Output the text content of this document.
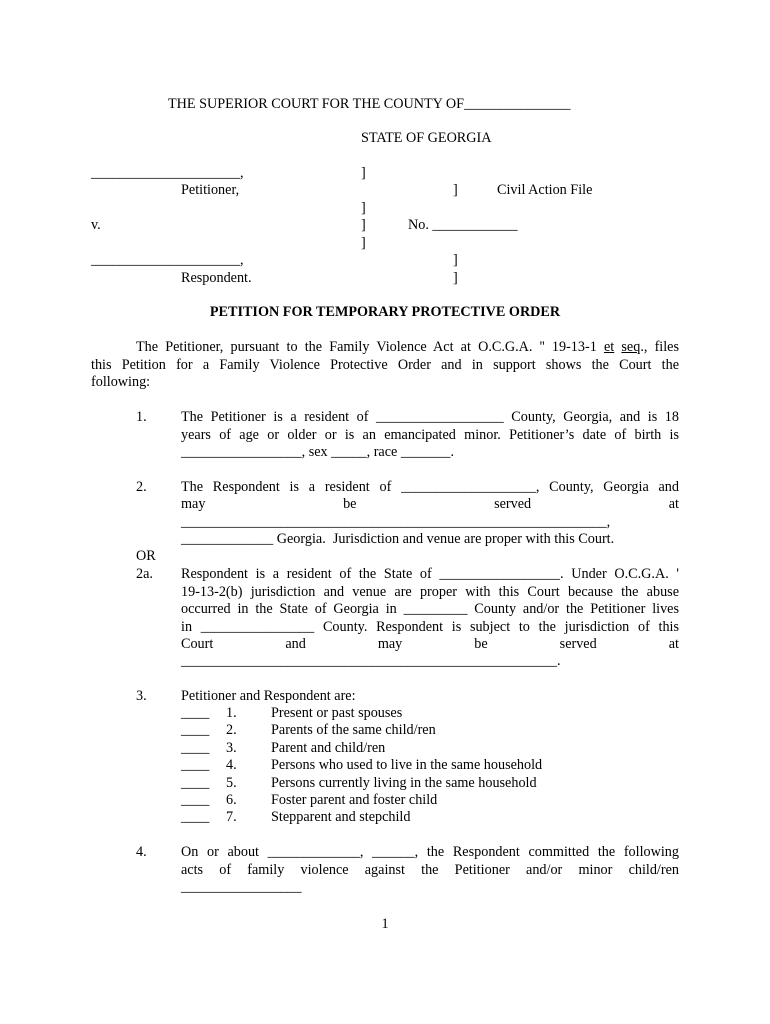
THE SUPERIOR COURT FOR THE COUNTY OF_______________
STATE OF GEORGIA
_____________________,	]
Petitioner,	]	Civil Action File
]
v.	]	No. ____________
]
_____________________,	]
Respondent.	]
PETITION FOR TEMPORARY PROTECTIVE ORDER
The Petitioner, pursuant to the Family Violence Act at O.C.G.A. '' 19-13-1 et seq., files
this Petition for a Family Violence Protective Order and in support shows the Court the
following:
1. The Petitioner is a resident of __________________ County, Georgia, and is 18
years of age or older or is an emancipated minor. Petitioner’s date of birth is
_________________, sex _____, race _______.
2. The Respondent is a resident of ___________________, County, Georgia and
may	be	served	at
____________________________________________________________,
_____________ Georgia.  Jurisdiction and venue are proper with this Court.
OR
2a. Respondent is a resident of the State of _________________. Under O.C.G.A. '
19-13-2(b) jurisdiction and venue are proper with this Court because the abuse
occurred in the State of Georgia in _________ County and/or the Petitioner lives
in ________________ County. Respondent is subject to the jurisdiction of this
Court	and	may	be	served	at
_____________________________________________________.
3. Petitioner and Respondent are:
____ 1. Present or past spouses
____ 2. Parents of the same child/ren
____ 3. Parent and child/ren
____ 4. Persons who used to live in the same household
____ 5. Persons currently living in the same household
____ 6. Foster parent and foster child
____ 7. Stepparent and stepchild
4. On or about _____________, ______, the Respondent committed the following
acts of family violence against the Petitioner and/or minor child/ren
_________________
1
